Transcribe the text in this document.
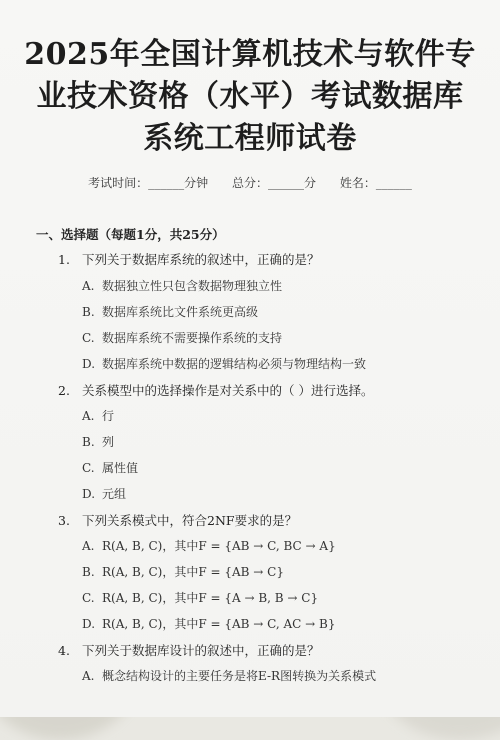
2025年全国计算机技术与软件专
业技术资格（水平）考试数据库
系统工程师试卷
考试时间：______分钟 总分：______分 姓名：______
一、选择题（每题1分，共25分）
1. 下列关于数据库系统的叙述中，正确的是？
A. 数据独立性只包含数据物理独立性
B. 数据库系统比文件系统更高级
C. 数据库系统不需要操作系统的支持
D. 数据库系统中数据的逻辑结构必须与物理结构一致
2. 关系模型中的选择操作是对关系中的（ ）进行选择。
A. 行
B. 列
C. 属性值
D. 元组
3. 下列关系模式中，符合2NF要求的是？
A. R(A, B, C)，其中F = {AB → C, BC → A}
B. R(A, B, C)，其中F = {AB → C}
C. R(A, B, C)，其中F = {A → B, B → C}
D. R(A, B, C)，其中F = {AB → C, AC → B}
4. 下列关于数据库设计的叙述中，正确的是？
A. 概念结构设计的主要任务是将E-R图转换为关系模式
